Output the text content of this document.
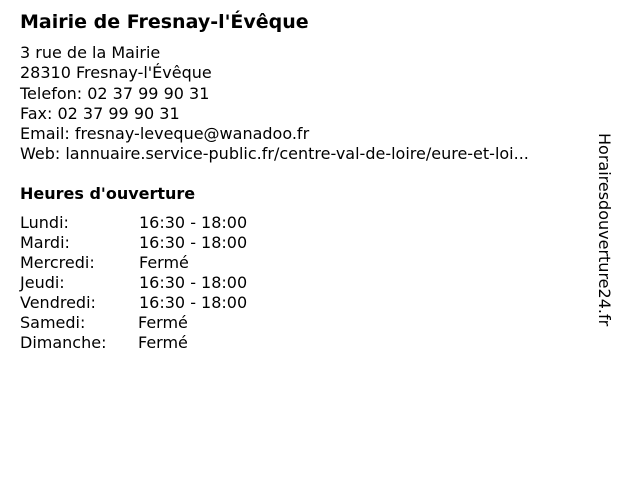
Mairie de Fresnay-l'Évêque
3 rue de la Mairie
28310 Fresnay-l'Évêque
Telefon: 02 37 99 90 31
Fax: 02 37 99 90 31
Email: fresnay-leveque@wanadoo.fr
Web: lannuaire.service-public.fr/centre-val-de-loire/eure-et-loi...
Heures d'ouverture
Lundi:	16:30 - 18:00
Mardi:	16:30 - 18:00
Mercredi:	Fermé
Jeudi:	16:30 - 18:00
Vendredi:	16:30 - 18:00
Samedi:	Fermé
Dimanche: Fermé
Horairesdouverture24.fr
